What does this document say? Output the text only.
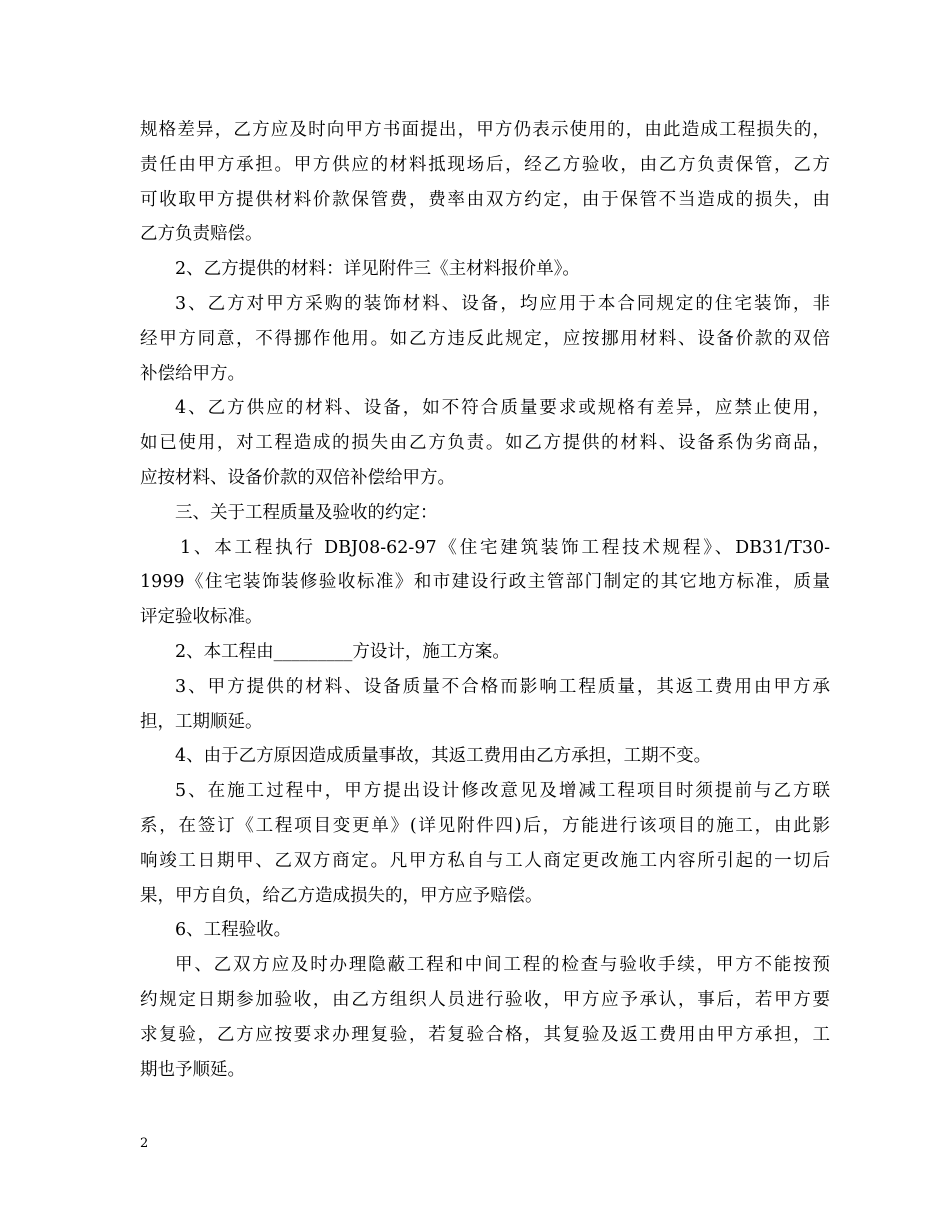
规格差异，乙方应及时向甲方书面提出，甲方仍表示使用的，由此造成工程损失的，
责任由甲方承担。甲方供应的材料抵现场后，经乙方验收，由乙方负责保管，乙方
可收取甲方提供材料价款保管费，费率由双方约定，由于保管不当造成的损失，由
乙方负责赔偿。
2、乙方提供的材料：详见附件三《主材料报价单》。
3、乙方对甲方采购的装饰材料、设备，均应用于本合同规定的住宅装饰，非
经甲方同意，不得挪作他用。如乙方违反此规定，应按挪用材料、设备价款的双倍
补偿给甲方。
4、乙方供应的材料、设备，如不符合质量要求或规格有差异，应禁止使用，
如已使用，对工程造成的损失由乙方负责。如乙方提供的材料、设备系伪劣商品，
应按材料、设备价款的双倍补偿给甲方。
三、关于工程质量及验收的约定：
1、本工程执行 DBJ08-62-97《住宅建筑装饰工程技术规程》、DB31/T30-
1999《住宅装饰装修验收标准》和市建设行政主管部门制定的其它地方标准，质量
评定验收标准。
2、本工程由_________方设计，施工方案。
3、甲方提供的材料、设备质量不合格而影响工程质量，其返工费用由甲方承
担，工期顺延。
4、由于乙方原因造成质量事故，其返工费用由乙方承担，工期不变。
5、在施工过程中，甲方提出设计修改意见及增减工程项目时须提前与乙方联
系，在签订《工程项目变更单》(详见附件四)后，方能进行该项目的施工，由此影
响竣工日期甲、乙双方商定。凡甲方私自与工人商定更改施工内容所引起的一切后
果，甲方自负，给乙方造成损失的，甲方应予赔偿。
6、工程验收。
甲、乙双方应及时办理隐蔽工程和中间工程的检查与验收手续，甲方不能按预
约规定日期参加验收，由乙方组织人员进行验收，甲方应予承认，事后，若甲方要
求复验，乙方应按要求办理复验，若复验合格，其复验及返工费用由甲方承担，工
期也予顺延。
2
